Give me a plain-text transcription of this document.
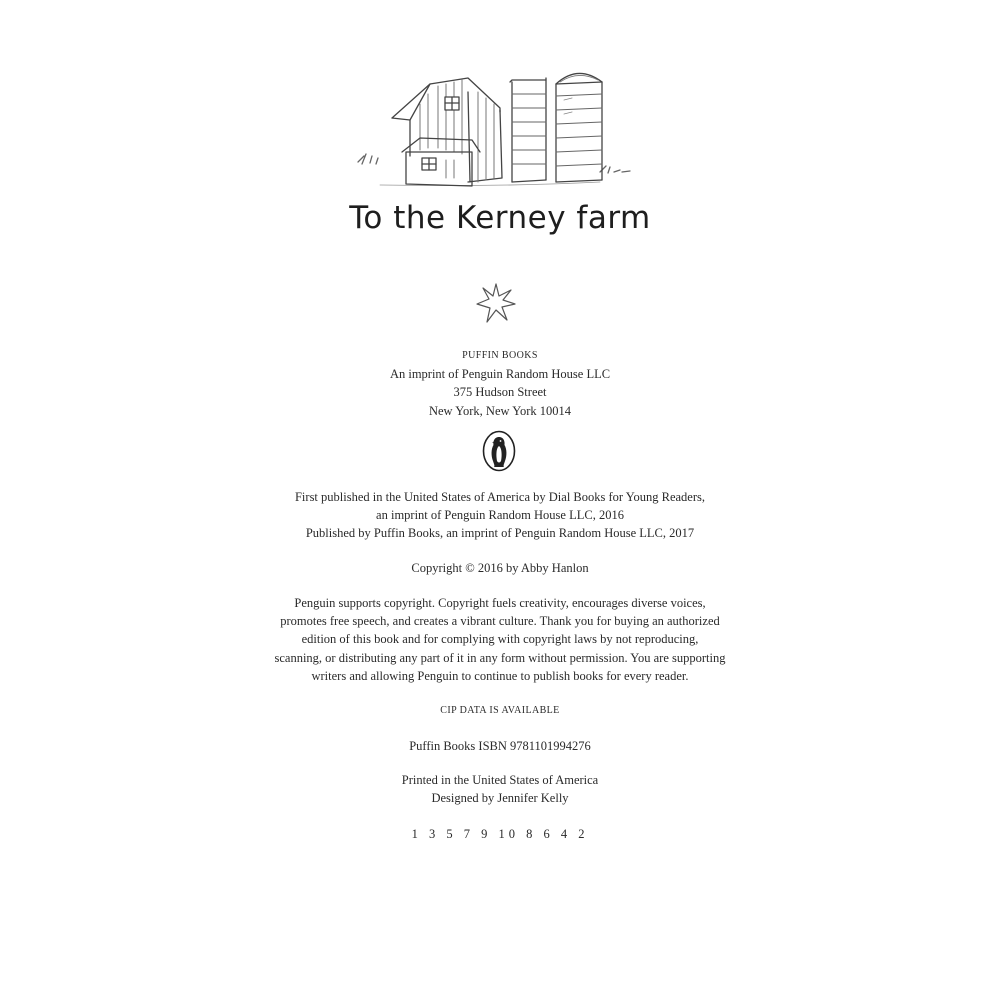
To the Kerney farm
PUFFIN BOOKS
An imprint of Penguin Random House LLC
375 Hudson Street
New York, New York 10014
First published in the United States of America by Dial Books for Young Readers,
an imprint of Penguin Random House LLC, 2016
Published by Puffin Books, an imprint of Penguin Random House LLC, 2017
Copyright © 2016 by Abby Hanlon
Penguin supports copyright. Copyright fuels creativity, encourages diverse voices,
promotes free speech, and creates a vibrant culture. Thank you for buying an authorized
edition of this book and for complying with copyright laws by not reproducing,
scanning, or distributing any part of it in any form without permission. You are supporting
writers and allowing Penguin to continue to publish books for every reader.
CIP DATA IS AVAILABLE
Puffin Books ISBN 9781101994276
Printed in the United States of America
Designed by Jennifer Kelly
1 3 5 7 9 10 8 6 4 2
